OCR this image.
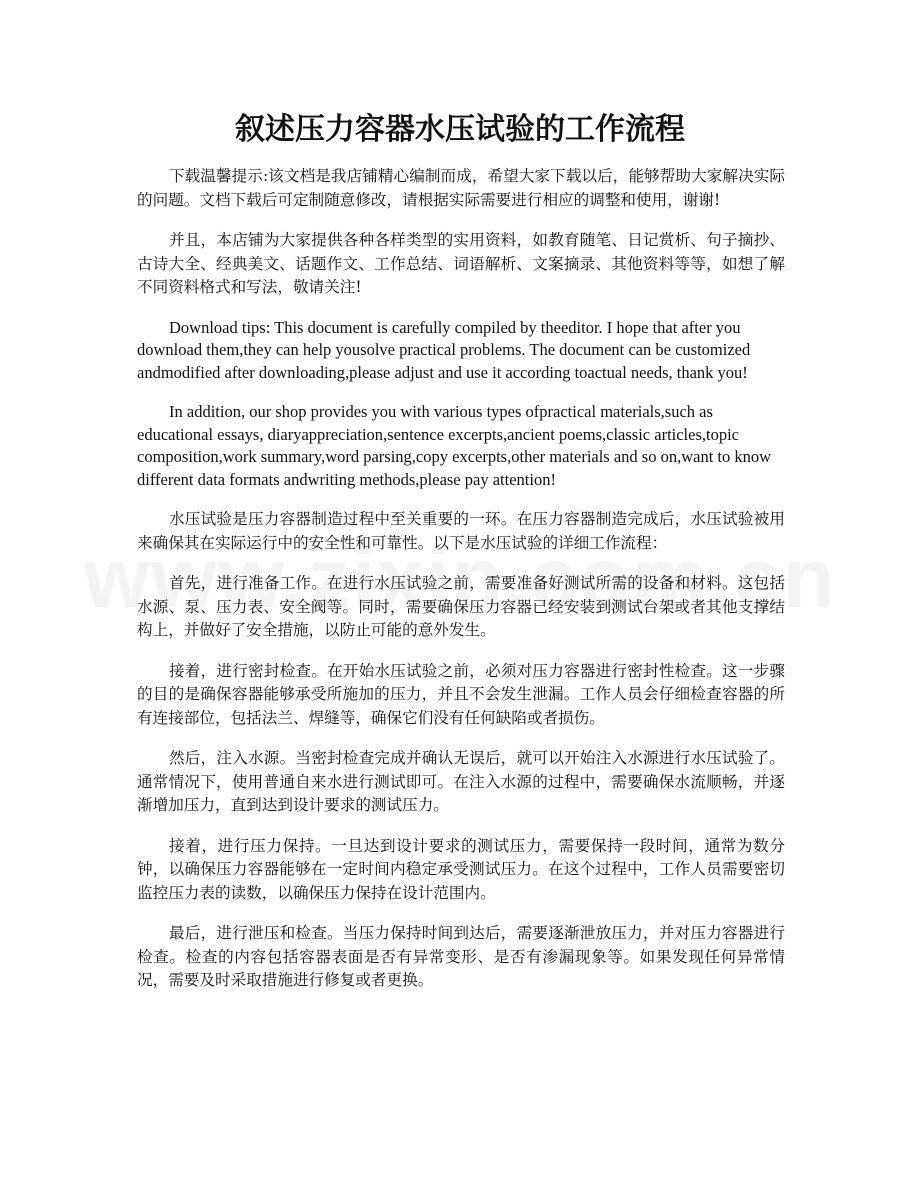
叙述压力容器水压试验的工作流程

下载温馨提示:该文档是我店铺精心编制而成，希望大家下载以后，能够帮助大家解决实际的问题。文档下载后可定制随意修改，请根据实际需要进行相应的调整和使用，谢谢!

并且，本店铺为大家提供各种各样类型的实用资料，如教育随笔、日记赏析、句子摘抄、古诗大全、经典美文、话题作文、工作总结、词语解析、文案摘录、其他资料等等，如想了解不同资料格式和写法，敬请关注!

Download tips: This document is carefully compiled by theeditor. I hope that after you download them,they can help yousolve practical problems. The document can be customized andmodified after downloading,please adjust and use it according toactual needs, thank you!

In addition, our shop provides you with various types ofpractical materials,such as educational essays, diaryappreciation,sentence excerpts,ancient poems,classic articles,topic composition,work summary,word parsing,copy excerpts,other materials and so on,want to know different data formats andwriting methods,please pay attention!

水压试验是压力容器制造过程中至关重要的一环。在压力容器制造完成后，水压试验被用来确保其在实际运行中的安全性和可靠性。以下是水压试验的详细工作流程：

首先，进行准备工作。在进行水压试验之前，需要准备好测试所需的设备和材料。这包括水源、泵、压力表、安全阀等。同时，需要确保压力容器已经安装到测试台架或者其他支撑结构上，并做好了安全措施，以防止可能的意外发生。

接着，进行密封检查。在开始水压试验之前，必须对压力容器进行密封性检查。这一步骤的目的是确保容器能够承受所施加的压力，并且不会发生泄漏。工作人员会仔细检查容器的所有连接部位，包括法兰、焊缝等，确保它们没有任何缺陷或者损伤。

然后，注入水源。当密封检查完成并确认无误后，就可以开始注入水源进行水压试验了。通常情况下，使用普通自来水进行测试即可。在注入水源的过程中，需要确保水流顺畅，并逐渐增加压力，直到达到设计要求的测试压力。

接着，进行压力保持。一旦达到设计要求的测试压力，需要保持一段时间，通常为数分钟，以确保压力容器能够在一定时间内稳定承受测试压力。在这个过程中，工作人员需要密切监控压力表的读数，以确保压力保持在设计范围内。

最后，进行泄压和检查。当压力保持时间到达后，需要逐渐泄放压力，并对压力容器进行检查。检查的内容包括容器表面是否有异常变形、是否有渗漏现象等。如果发现任何异常情况，需要及时采取措施进行修复或者更换。
